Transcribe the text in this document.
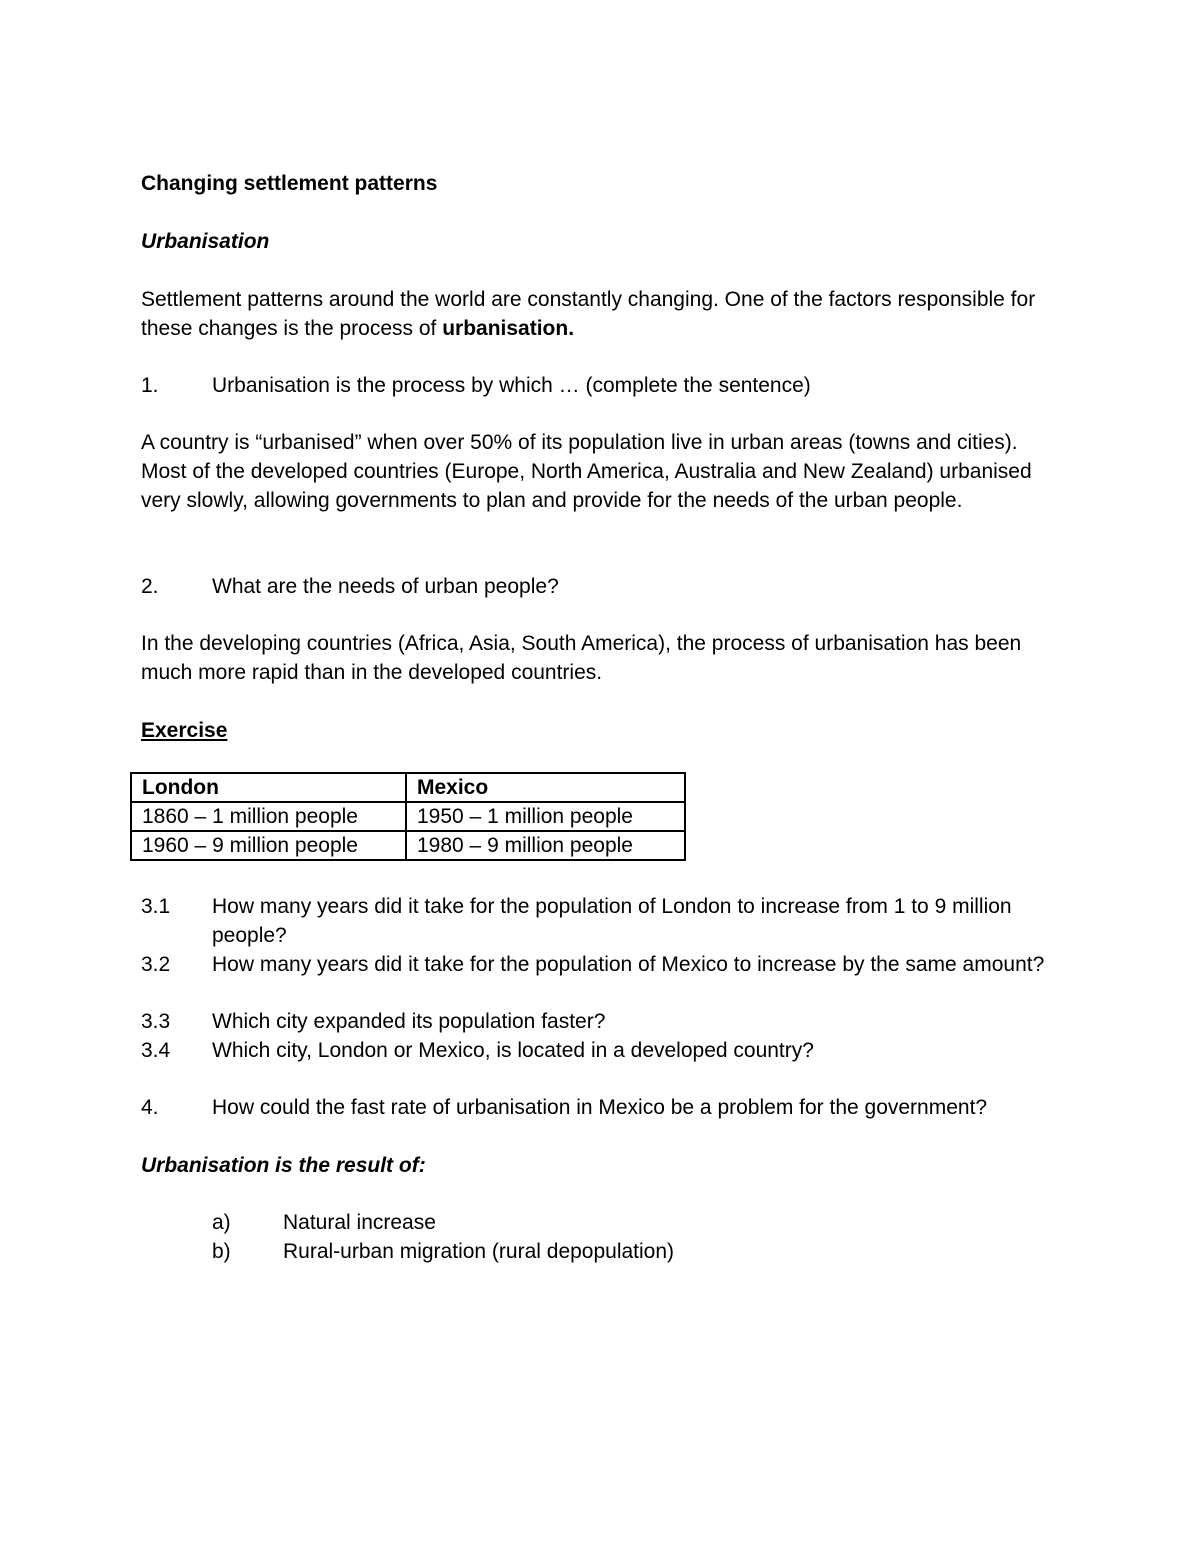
Changing settlement patterns

Urbanisation

Settlement patterns around the world are constantly changing. One of the factors responsible for these changes is the process of urbanisation.

1.	Urbanisation is the process by which … (complete the sentence)

A country is “urbanised” when over 50% of its population live in urban areas (towns and cities). Most of the developed countries (Europe, North America, Australia and New Zealand) urbanised very slowly, allowing governments to plan and provide for the needs of the urban people.

2.	What are the needs of urban people?

In the developing countries (Africa, Asia, South America), the process of urbanisation has been much more rapid than in the developed countries.

Exercise

London	Mexico
1860 – 1 million people	1950 – 1 million people
1960 – 9 million people	1980 – 9 million people
3.1 How many years did it take for the population of London to increase from 1 to 9 million people?
3.2 How many years did it take for the population of Mexico to increase by the same amount?
3.3 Which city expanded its population faster?
3.4 Which city, London or Mexico, is located in a developed country?
4.	How could the fast rate of urbanisation in Mexico be a problem for the government?

Urbanisation is the result of:

a) Natural increase
b) Rural-urban migration (rural depopulation)
